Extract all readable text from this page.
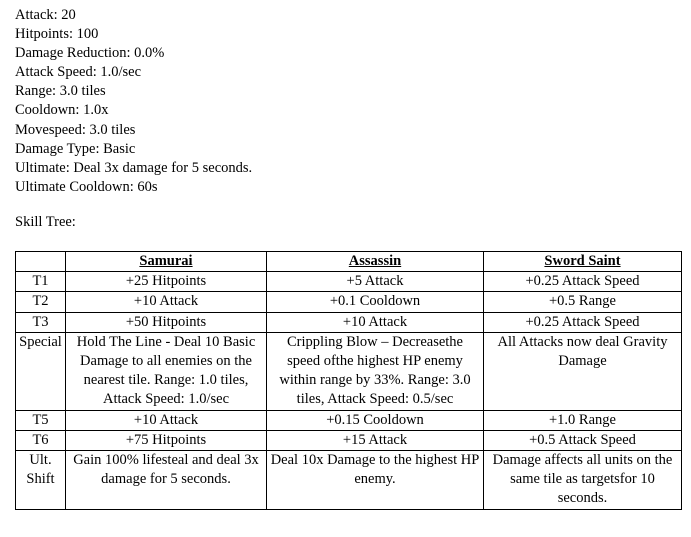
Attack: 20
Hitpoints: 100
Damage Reduction: 0.0%
Attack Speed: 1.0/sec
Range: 3.0 tiles
Cooldown: 1.0x
Movespeed: 3.0 tiles
Damage Type: Basic
Ultimate: Deal 3x damage for 5 seconds.
Ultimate Cooldown: 60s
Skill Tree:
	Samurai	Assassin	Sword Saint
T1	+25 Hitpoints	+5 Attack	+0.25 Attack Speed
T2	+10 Attack	+0.1 Cooldown	+0.5 Range
T3	+50 Hitpoints	+10 Attack	+0.25 Attack Speed
Special	Hold The Line - Deal 10 Basic Damage to all enemies on the nearest tile. Range: 1.0 tiles, Attack Speed: 1.0/sec	Crippling Blow – Decreasethe speed ofthe highest HP enemy within range by 33%. Range: 3.0 tiles, Attack Speed: 0.5/sec	All Attacks now deal Gravity Damage
T5	+10 Attack	+0.15 Cooldown	+1.0 Range
T6	+75 Hitpoints	+15 Attack	+0.5 Attack Speed
Ult. Shift	Gain 100% lifesteal and deal 3x damage for 5 seconds.	Deal 10x Damage to the highest HP enemy.	Damage affects all units on the same tile as targetsfor 10 seconds.
